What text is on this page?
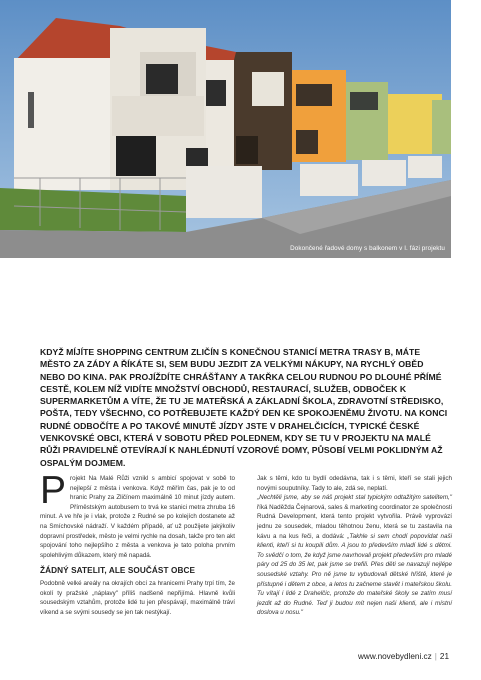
Dokončené řadové domy s balkonem v I. fázi projektu

KDYŽ MÍJÍTE SHOPPING CENTRUM ZLIČÍN S KONEČNOU STANICÍ METRA TRASY B, MÁTE MĚSTO ZA ZÁDY A ŘÍKÁTE SI, SEM BUDU JEZDIT ZA VELKÝMI NÁKUPY, NA RYCHLÝ OBĚD NEBO DO KINA. PAK PROJÍŽDÍTE CHRÁŠŤANY A TAKŘKA CELOU RUDNOU PO DLOUHÉ PŘÍMÉ CESTĚ, KOLEM NÍŽ VIDÍTE MNOŽSTVÍ OBCHODŮ, RESTAURACÍ, SLUŽEB, ODBOČEK K SUPERMARKETŮM A VÍTE, ŽE TU JE MATEŘSKÁ A ZÁKLADNÍ ŠKOLA, ZDRAVOTNÍ STŘEDISKO, POŠTA, TEDY VŠECHNO, CO POTŘEBUJETE KAŽDÝ DEN KE SPOKOJENĚMU ŽIVOTU. NA KONCI RUDNÉ ODBOČÍTE A PO TAKOVÉ MINUTĚ JÍZDY JSTE V DRAHELČICÍCH, TYPICKÉ ČESKÉ VENKOVSKÉ OBCI, KTERÁ V SOBOTU PŘED POLEDNEM, KDY SE TU V PROJEKTU NA MALÉ RŮŽI PRAVIDELNĚ OTEVÍRAJÍ K NAHLÉDNUTÍ VZOROVÉ DOMY, PŮSOBÍ VELMI POKLIDNÝM AŽ OSPALÝM DOJMEM.

Projekt Na Malé Růži vznikl s ambicí spojovat v sobě to nejlepší z města i venkova. Když měřím čas, pak je to od hranic Prahy za Zličínem maximálně 10 minut jízdy autem. Příměstským autobusem to trvá ke stanici metra zhruba 16 minut. A ve hře je i vlak, protože z Rudné se po kolejích dostanete až na Smíchovské nádraží. V každém případě, ať už použijete jakýkoliv dopravní prostředek, město je velmi rychle na dosah, takže pro ten akt spojování toho nejlepšího z města a venkova je tato poloha prvním spolehlivým důkazem, který mě napadá.

ŽÁDNÝ SATELIT, ALE SOUČÁST OBCE

Podobně velké areály na okrajích obcí za hranicemi Prahy trpí tím, že okolí ty pražské „náplavy" příliš nadšeně nepřijímá. Hlavně kvůli sousedským vztahům, protože lidé tu jen přespávají, maximálně tráví víkend a se svými sousedy se jen tak nestýkají.

Jak s těmi, kdo tu bydlí odedávna, tak i s těmi, kteří se stali jejich novými souputníky. Tady to ale, zdá se, neplatí.

„Nechtěli jsme, aby se náš projekt stal typickým odtažitým satelitem," říká Naděžda Čejnarová, sales & marketing coordinator ze společnosti Rudná Development, která tento projekt vytvořila. Právě vyprovází jednu ze sousedek, mladou těhotnou ženu, která se tu zastavila na kávu a na kus řeči, a dodává: „Takhle si sem chodí popovídat naši klienti, kteří si tu koupili dům. A jsou to především mladí lidé s dětmi. To svědčí o tom, že když jsme navrhovali projekt především pro mladé páry od 25 do 35 let, pak jsme se trefili. Přes děti se navazují nejlépe sousedské vztahy. Pro ně jsme tu vybudovali dětské hřiště, které je přístupné i dětem z obce, a letos tu začneme stavět i mateřskou školu. Tu vítají i lidé z Drahelčic, protože do mateřské školy se zatím musí jezdit až do Rudné. Teď ji budou mít nejen naši klienti, ale i místní doslova u nosu."

www.novebydleni.cz | 21
